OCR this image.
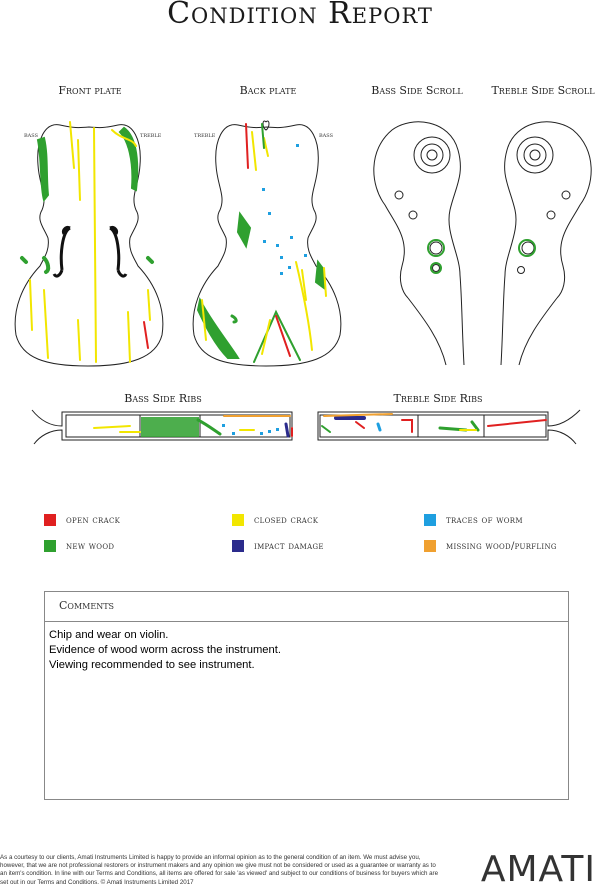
Condition Report
Front plate	Back plate	Bass Side Scroll	Treble Side Scroll
Bass Side Ribs	Treble Side Ribs
bass	treble	treble	bass
open crack	closed crack	traces of worm
new wood	impact damage	missing wood/purfling
Comments
Chip and wear on violin.
Evidence of wood worm across the instrument.
Viewing recommended to see instrument.
As a courtesy to our clients, Amati Instruments Limited is happy to provide an informal opinion as to the general condition of an item. We must advise you, however, that we are not professional restorers or instrument makers and any opinion we give must not be considered or used as a guarantee or warranty as to an item's condition. In line with our Terms and Conditions, all items are offered for sale 'as viewed' and subject to our conditions of business for buyers which are set out in our Terms and Conditions. © Amati Instruments Limited 2017	AMATI
